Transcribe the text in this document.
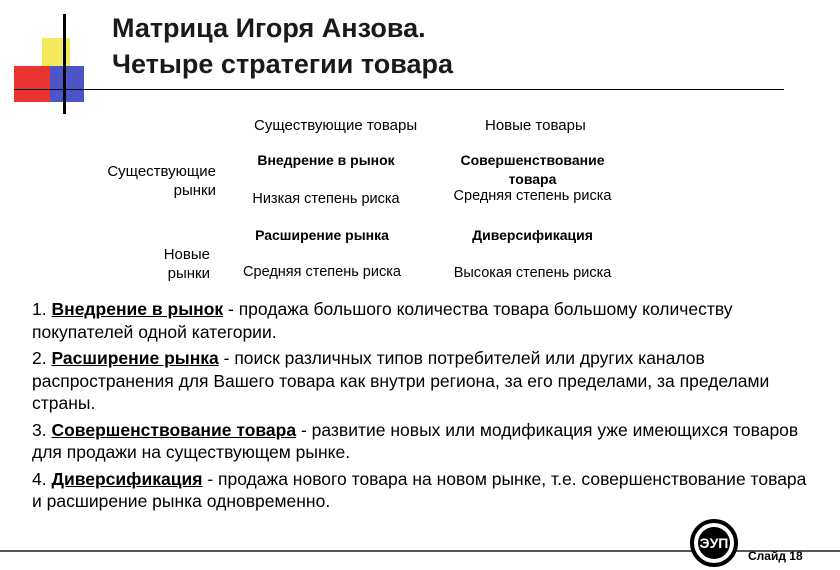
Матрица Игоря Анзова.
Четыре стратегии товара
Существующие товары	Новые товары
Существующие
рынки
Новые
рынки
Внедрение в рынок
Низкая степень риска
Совершенствование
товара
Средняя степень риска
Расширение рынка
Средняя степень риска
Диверсификация
Высокая степень риска

1. Внедрение в рынок - продажа большого количества товара большому количеству покупателей одной категории.

2. Расширение рынка - поиск различных типов потребителей или других каналов распространения для Вашего товара как внутри региона, за его пределами, за пределами страны.

3. Совершенствование товара - развитие новых или модификация уже имеющихся товаров для продажи на существующем рынке.

4. Диверсификация - продажа нового товара на новом рынке, т.е. совершенствование товара и расширение рынка одновременно.

ЭУП
Слайд 18
